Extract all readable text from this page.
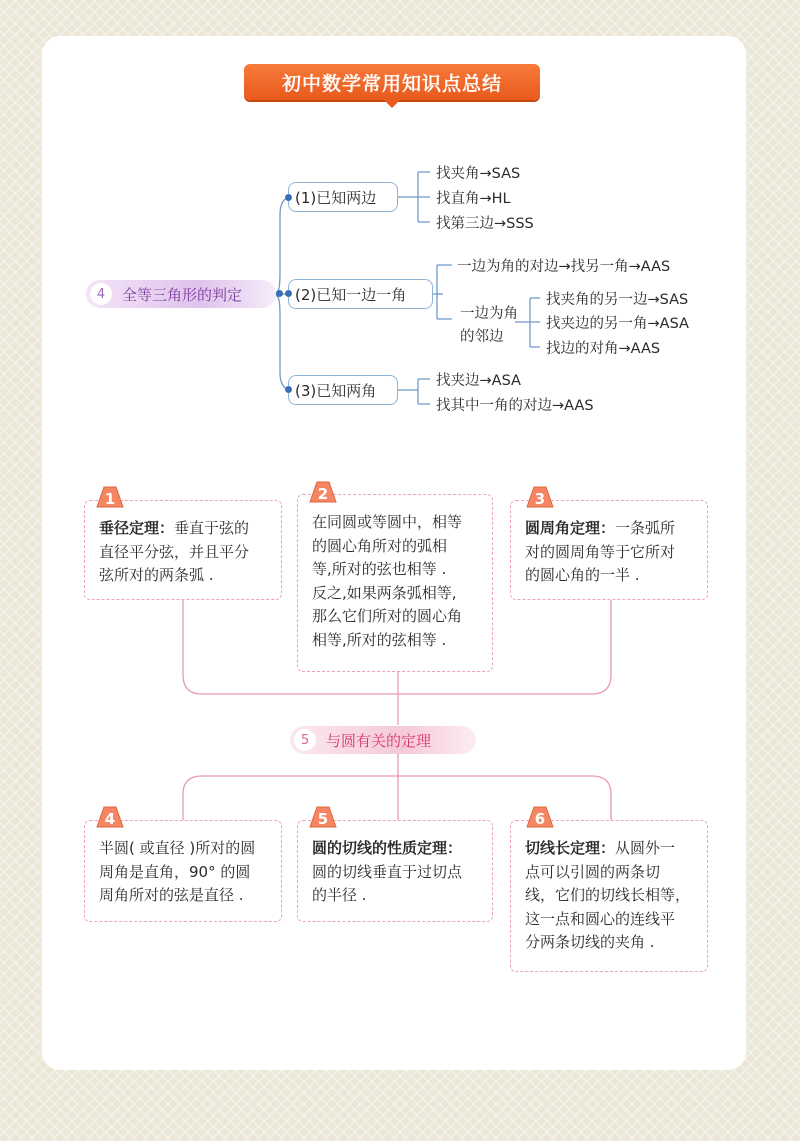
初中数学常用知识点总结
4	全等三角形的判定
(1)已知两边
找夹角→SAS
找直角→HL
找第三边→SSS
(2)已知一边一角
一边为角的对边→找另一角→AAS
一边为角
的邻边
找夹角的另一边→SAS
找夹边的另一角→ASA
找边的对角→AAS
(3)已知两角
找夹边→ASA
找其中一角的对边→AAS
5	与圆有关的定理
垂径定理：垂直于弦的
直径平分弦，并且平分
弦所对的两条弧 .
1
在同圆或等圆中，相等
的圆心角所对的弧相
等,所对的弦也相等 .
反之,如果两条弧相等,
那么它们所对的圆心角
相等,所对的弦相等 .
2
圆周角定理：一条弧所
对的圆周角等于它所对
的圆心角的一半 .
3
半圆( 或直径 )所对的圆
周角是直角，90° 的圆
周角所对的弦是直径 .
4
圆的切线的性质定理：
圆的切线垂直于过切点
的半径 .
5
切线长定理：从圆外一
点可以引圆的两条切
线，它们的切线长相等，
这一点和圆心的连线平
分两条切线的夹角 .
6
